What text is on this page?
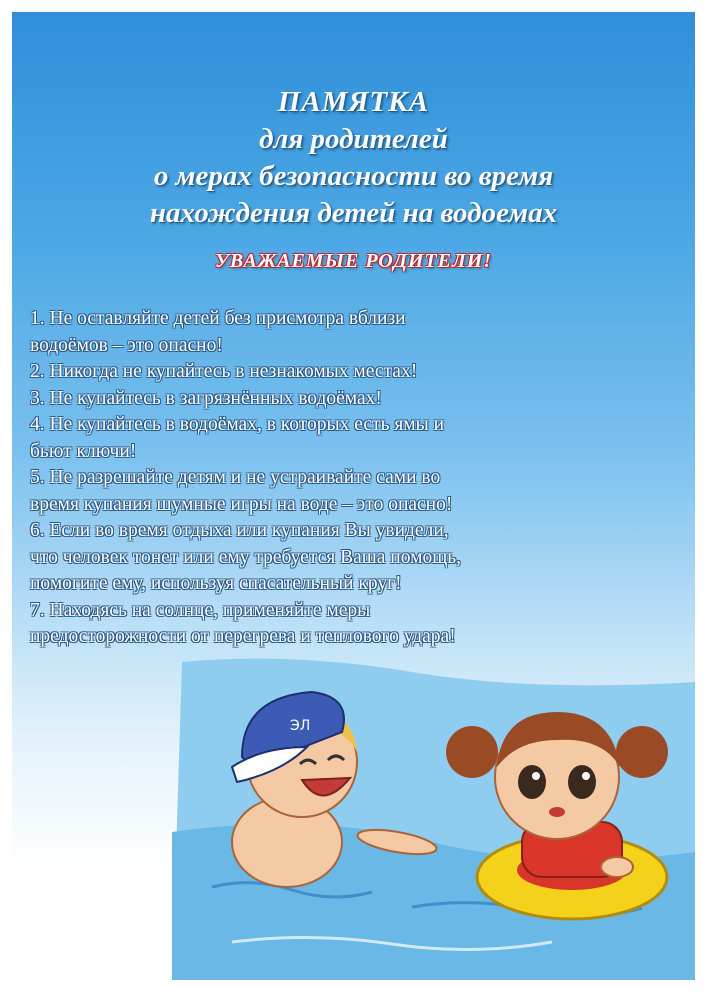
ПАМЯТКА
для родителей
о мерах безопасности во время
нахождения детей на водоемах
УВАЖАЕМЫЕ РОДИТЕЛИ!
1. Не оставляйте детей без присмотра вблизи
водоёмов – это опасно!
2. Никогда не купайтесь в незнакомых местах!
3. Не купайтесь в загрязнённых водоёмах!
4. Не купайтесь в водоёмах, в которых есть ямы и
бьют ключи!
5. Не разрешайте детям и не устраивайте сами во
время купания шумные игры на воде – это опасно!
6. Если во время отдыха или купания Вы увидели,
что человек тонет или ему требуется Ваша помощь,
помогите ему, используя спасательный круг!
7. Находясь на солнце, применяйте меры
предосторожности от перегрева и теплового удара!
ЭЛ
